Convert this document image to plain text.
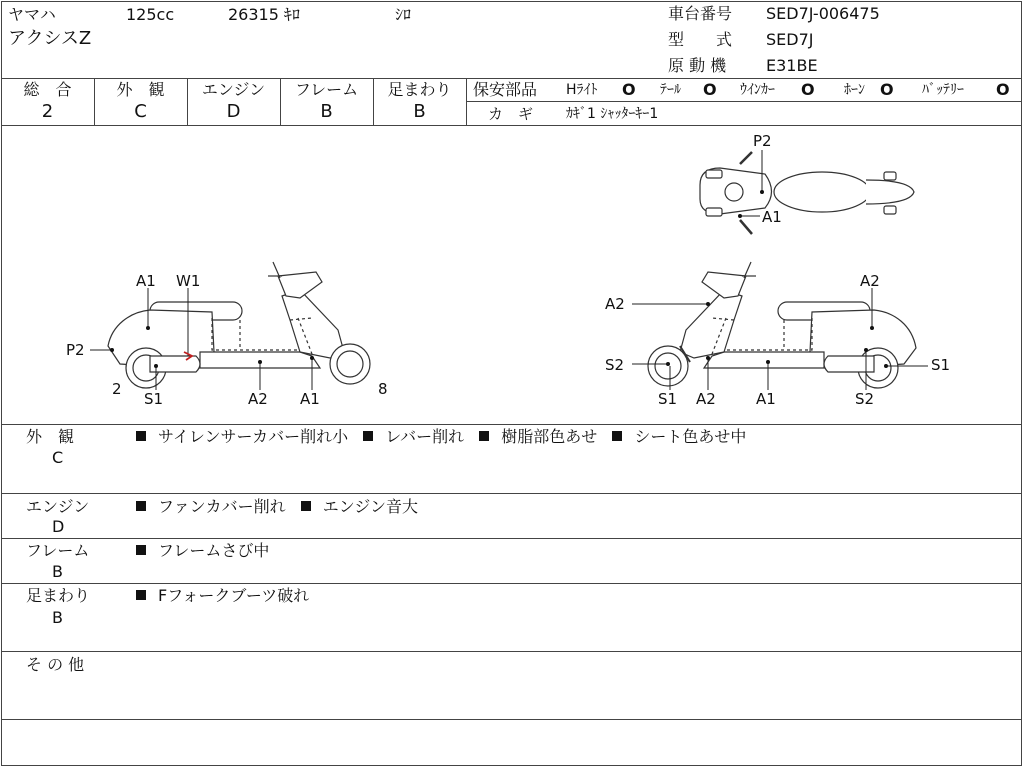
ヤマハ	125cc	26315 ｷﾛ	ｼﾛ
アクシスZ
車台番号 SED7J-006475
型　　式 SED7J
原 動 機 E31BE
総　合
2
外　観
C
エンジン
D
フレーム
B
足まわり
B
保安部品 Hﾗｲﾄ O ﾃｰﾙ O ｳｲﾝｶｰ O ﾎｰﾝ O ﾊﾞｯﾃﾘｰ O
カ　ギ ｶｷﾞ1 ｼｬｯﾀｰｷｰ1
A1 W1
P2
2
S1	A2 A1
8
P2
A1
A2
A2
S2	S1
S1 A2	A1	S2
外　観
C
サイレンサーカバー削れ小 レバー削れ 樹脂部色あせ シート色あせ中
エンジン
D
ファンカバー削れ エンジン音大
フレーム
B
フレームさび中
足まわり
B
Fフォークブーツ破れ
そ の 他
